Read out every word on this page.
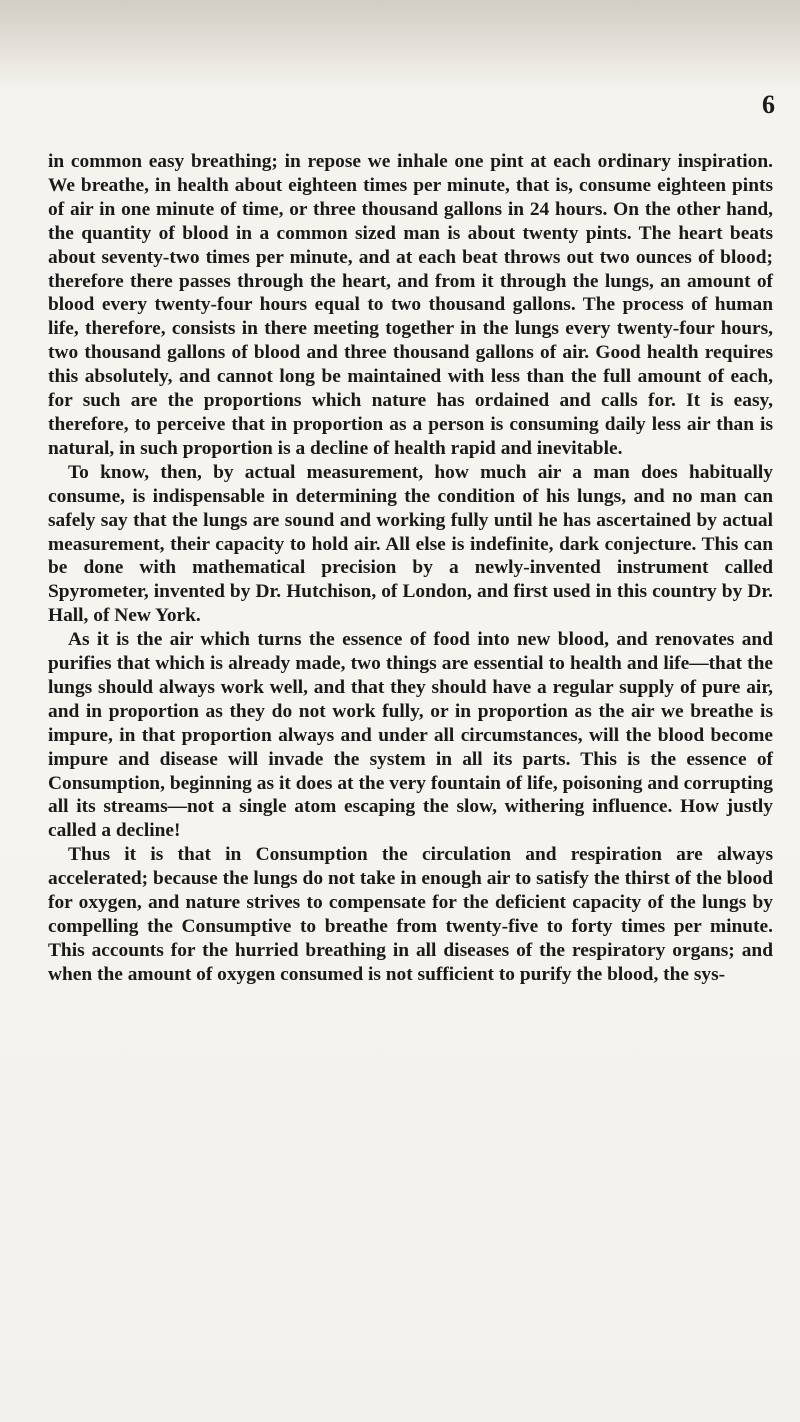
6

in common easy breathing; in repose we inhale one pint at each ordinary inspiration. We breathe, in health about eighteen times per minute, that is, consume eighteen pints of air in one minute of time, or three thousand gallons in 24 hours. On the other hand, the quantity of blood in a common sized man is about twenty pints. The heart beats about seventy-two times per minute, and at each beat throws out two ounces of blood; therefore there passes through the heart, and from it through the lungs, an amount of blood every twenty-four hours equal to two thousand gallons. The process of human life, therefore, consists in there meeting together in the lungs every twenty-four hours, two thousand gallons of blood and three thousand gallons of air. Good health requires this absolutely, and cannot long be maintained with less than the full amount of each, for such are the proportions which nature has ordained and calls for. It is easy, therefore, to perceive that in proportion as a person is consuming daily less air than is natural, in such proportion is a decline of health rapid and inevitable.

To know, then, by actual measurement, how much air a man does habitually consume, is indispensable in determining the condition of his lungs, and no man can safely say that the lungs are sound and working fully until he has ascertained by actual measurement, their capacity to hold air. All else is indefinite, dark conjecture. This can be done with mathematical precision by a newly-invented instrument called Spyrometer, invented by Dr. Hutchison, of London, and first used in this country by Dr. Hall, of New York.

As it is the air which turns the essence of food into new blood, and renovates and purifies that which is already made, two things are essential to health and life—that the lungs should always work well, and that they should have a regular supply of pure air, and in proportion as they do not work fully, or in proportion as the air we breathe is impure, in that proportion always and under all circumstances, will the blood become impure and disease will invade the system in all its parts. This is the essence of Consumption, beginning as it does at the very fountain of life, poisoning and corrupting all its streams—not a single atom escaping the slow, withering influence. How justly called a decline!

Thus it is that in Consumption the circulation and respiration are always accelerated; because the lungs do not take in enough air to satisfy the thirst of the blood for oxygen, and nature strives to compensate for the deficient capacity of the lungs by compelling the Consumptive to breathe from twenty-five to forty times per minute. This accounts for the hurried breathing in all diseases of the respiratory organs; and when the amount of oxygen consumed is not sufficient to purify the blood, the sys-
